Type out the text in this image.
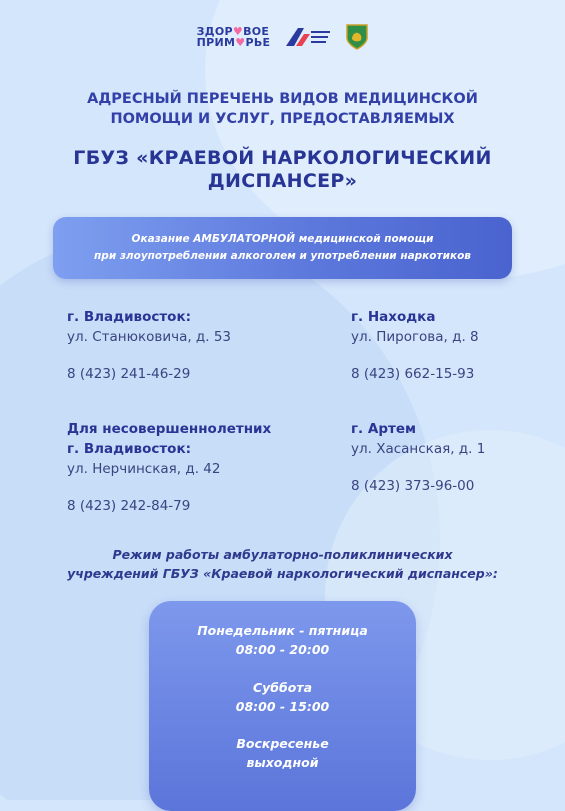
ЗДОР♥ВОЕ
ПРИМ♥РЬЕ
АДРЕСНЫЙ ПЕРЕЧЕНЬ ВИДОВ МЕДИЦИНСКОЙ
ПОМОЩИ И УСЛУГ, ПРЕДОСТАВЛЯЕМЫХ
ГБУЗ «КРАЕВОЙ НАРКОЛОГИЧЕСКИЙ
ДИСПАНСЕР»
Оказание АМБУЛАТОРНОЙ медицинской помощи
при злоупотреблении алкоголем и употреблении наркотиков
г. Владивосток:
ул. Станюковича, д. 53
8 (423) 241-46-29
г. Находка
ул. Пирогова, д. 8
8 (423) 662-15-93
Для несовершеннолетних
г. Владивосток:
ул. Нерчинская, д. 42
8 (423) 242-84-79
г. Артем
ул. Хасанская, д. 1
8 (423) 373-96-00
Режим работы амбулаторно-поликлинических
учреждений ГБУЗ «Краевой наркологический диспансер»:
Понедельник - пятница
08:00 - 20:00
Суббота
08:00 - 15:00
Воскресенье
выходной
